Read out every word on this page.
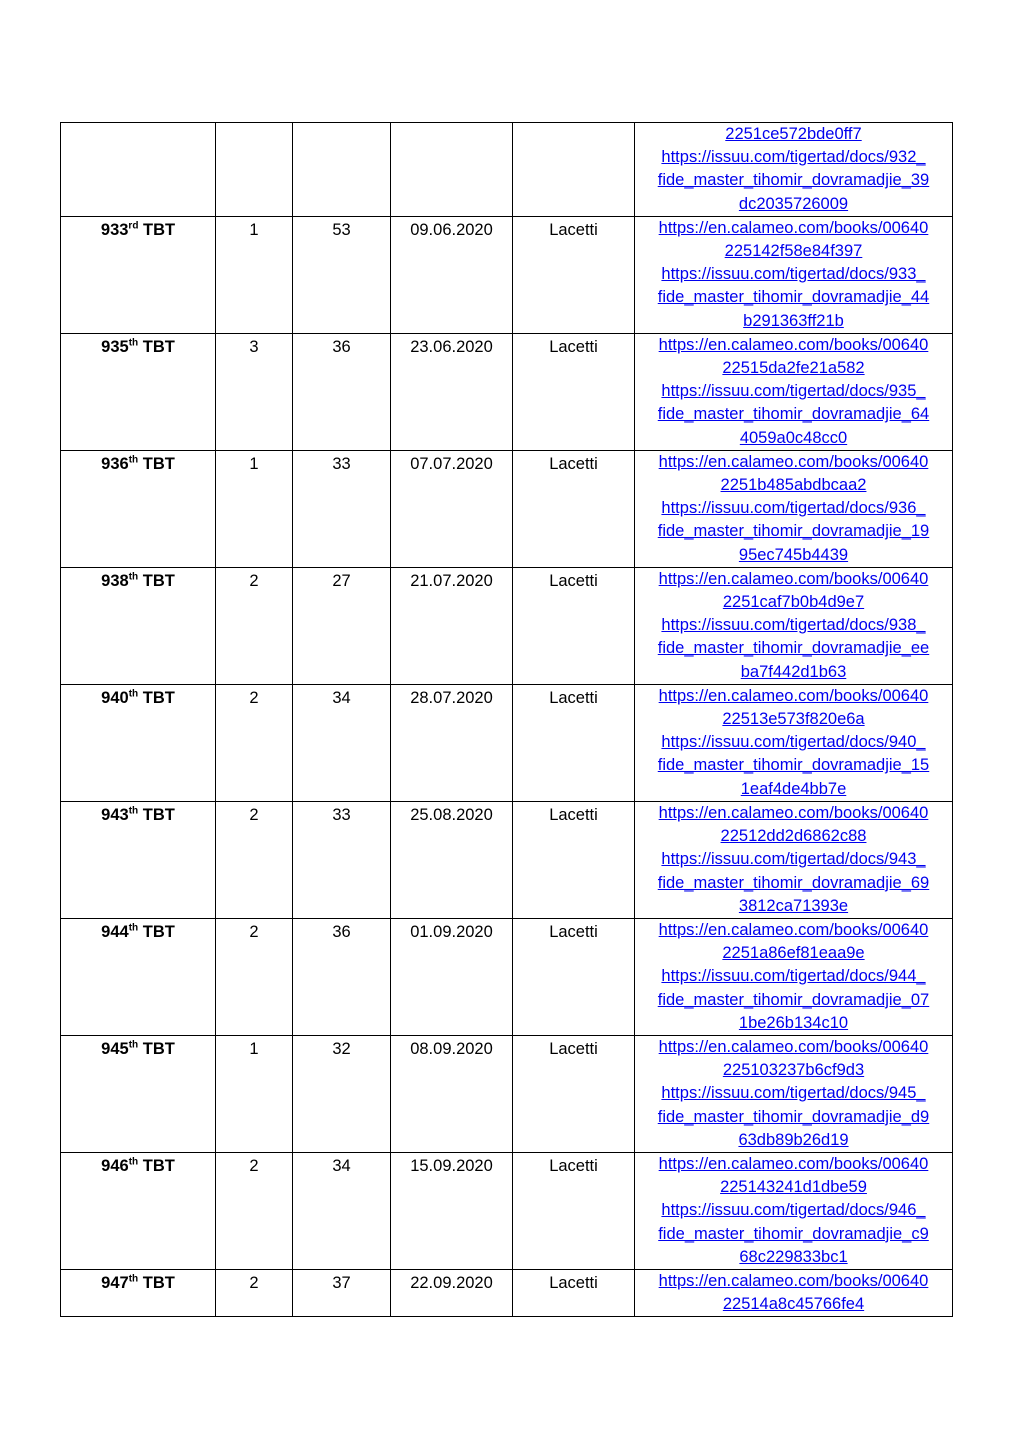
					2251ce572bde0ff7
https://issuu.com/tigertad/docs/932_
fide_master_tihomir_dovramadjie_39
dc2035726009

933rd TBT	1	53	09.06.2020	Lacetti	https://en.calameo.com/books/00640
225142f58e84f397
https://issuu.com/tigertad/docs/933_
fide_master_tihomir_dovramadjie_44
b291363ff21b

935th TBT	3	36	23.06.2020	Lacetti	https://en.calameo.com/books/00640
22515da2fe21a582
https://issuu.com/tigertad/docs/935_
fide_master_tihomir_dovramadjie_64
4059a0c48cc0

936th TBT	1	33	07.07.2020	Lacetti	https://en.calameo.com/books/00640
2251b485abdbcaa2
https://issuu.com/tigertad/docs/936_
fide_master_tihomir_dovramadjie_19
95ec745b4439

938th TBT	2	27	21.07.2020	Lacetti	https://en.calameo.com/books/00640
2251caf7b0b4d9e7
https://issuu.com/tigertad/docs/938_
fide_master_tihomir_dovramadjie_ee
ba7f442d1b63

940th TBT	2	34	28.07.2020	Lacetti	https://en.calameo.com/books/00640
22513e573f820e6a
https://issuu.com/tigertad/docs/940_
fide_master_tihomir_dovramadjie_15
1eaf4de4bb7e

943th TBT	2	33	25.08.2020	Lacetti	https://en.calameo.com/books/00640
22512dd2d6862c88
https://issuu.com/tigertad/docs/943_
fide_master_tihomir_dovramadjie_69
3812ca71393e

944th TBT	2	36	01.09.2020	Lacetti	https://en.calameo.com/books/00640
2251a86ef81eaa9e
https://issuu.com/tigertad/docs/944_
fide_master_tihomir_dovramadjie_07
1be26b134c10

945th TBT	1	32	08.09.2020	Lacetti	https://en.calameo.com/books/00640
225103237b6cf9d3
https://issuu.com/tigertad/docs/945_
fide_master_tihomir_dovramadjie_d9
63db89b26d19

946th TBT	2	34	15.09.2020	Lacetti	https://en.calameo.com/books/00640
225143241d1dbe59
https://issuu.com/tigertad/docs/946_
fide_master_tihomir_dovramadjie_c9
68c229833bc1

947th TBT	2	37	22.09.2020	Lacetti	https://en.calameo.com/books/00640
22514a8c45766fe4
